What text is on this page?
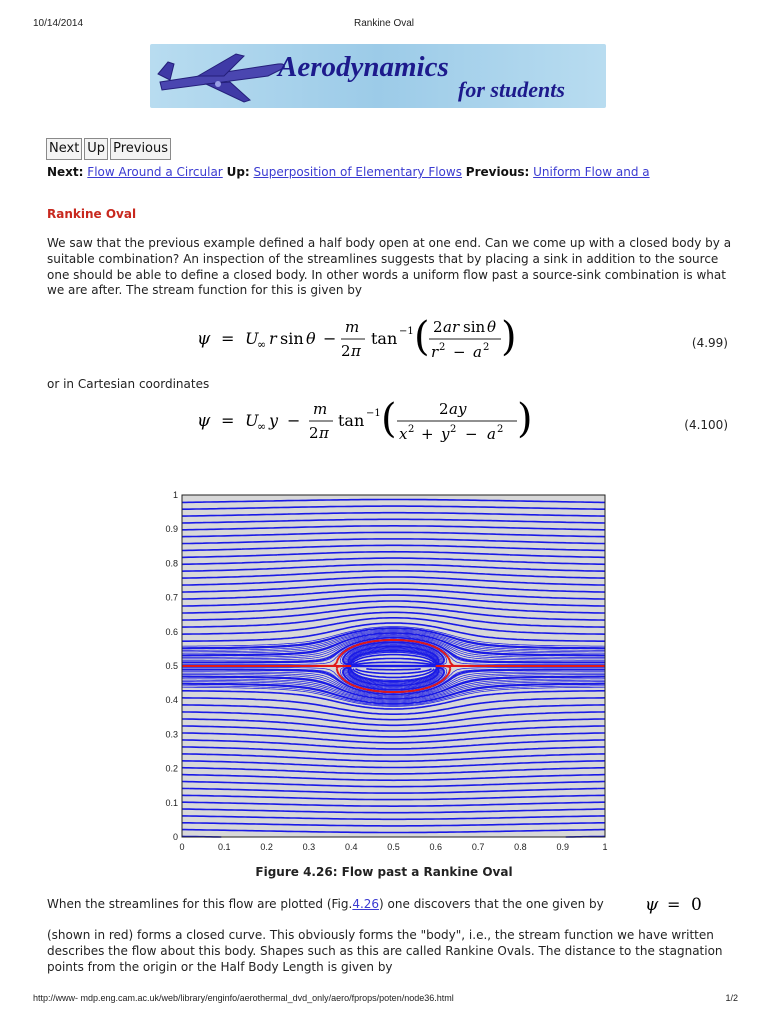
10/14/2014	Rankine Oval
Aerodynamics
for students
Next Up Previous
Next: Flow Around a Circular Up: Superposition of Elementary Flows Previous: Uniform Flow and a
Rankine Oval

We saw that the previous example defined a half body open at one end. Can we come up with a closed body by a suitable combination? An inspection of the streamlines suggests that by placing a sink in addition to the source one should be able to define a closed body. In other words a uniform flow past a source-sink combination is what we are after. The stream function for this is given by

ψ = U
∞ r sin θ −
m
2 π
tan −1 ( 2 ar sin θ
r 2 − a 2 )	(4.99)

or in Cartesian coordinates

ψ = U
∞ y −
m
2 π
tan −1 (	2 ay
x 2 + y 2 − a 2 )	(4.100)
0	0.1	0.2	0.3	0.4	0.5	0.6	0.7	0.8	0.9	1
0
0.1
0.2
0.3
0.4
0.5
0.6
0.7
0.8
0.9
1

Figure 4.26: Flow past a Rankine Oval

When the streamlines for this flow are plotted (Fig.4.26) one discovers that the one given by ψ = 0

(shown in red) forms a closed curve. This obviously forms the "body", i.e., the stream function we have written describes the flow about this body. Shapes such as this are called Rankine Ovals. The distance to the stagnation points from the origin or the Half Body Length is given by

http://www- mdp.eng.cam.ac.uk/web/library/enginfo/aerothermal_dvd_only/aero/fprops/poten/node36.html	1/2
